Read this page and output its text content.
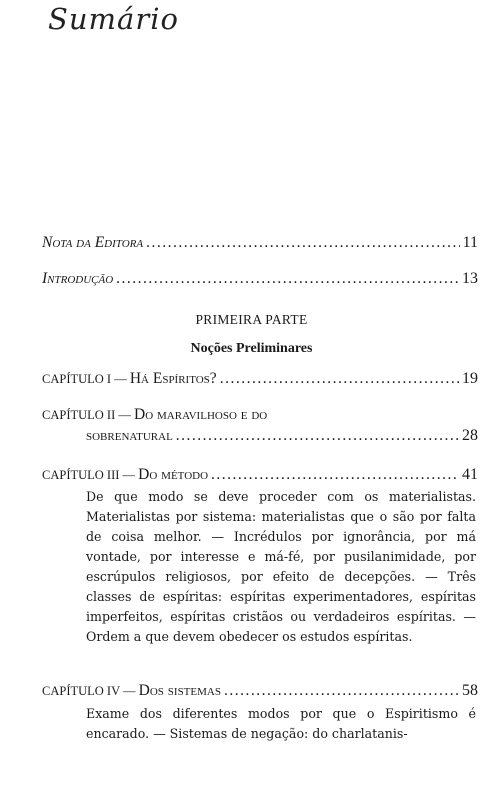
Sumário
Nota da Editora .....	11
Introdução .....	13
PRIMEIRA PARTE
Noções Preliminares
CAPÍTULO I — Há Espíritos? .....	19
CAPÍTULO II — Do maravilhoso e do
sobrenatural .....	28
CAPÍTULO III — Do método .....	41

De que modo se deve proceder com os materialistas. Materialistas por sistema: materialistas que o são por falta de coisa melhor. — Incrédulos por ignorância, por má vontade, por interesse e má-fé, por pusilanimidade, por escrúpulos religiosos, por efeito de decepções. — Três classes de espíritas: espíritas experimentadores, espíritas imperfeitos, espíritas cristãos ou verdadeiros espíritas. — Ordem a que devem obedecer os estudos espíritas.

CAPÍTULO IV — Dos sistemas .....	58

Exame dos diferentes modos por que o Espiritismo é encarado. — Sistemas de negação: do charlatanis-
